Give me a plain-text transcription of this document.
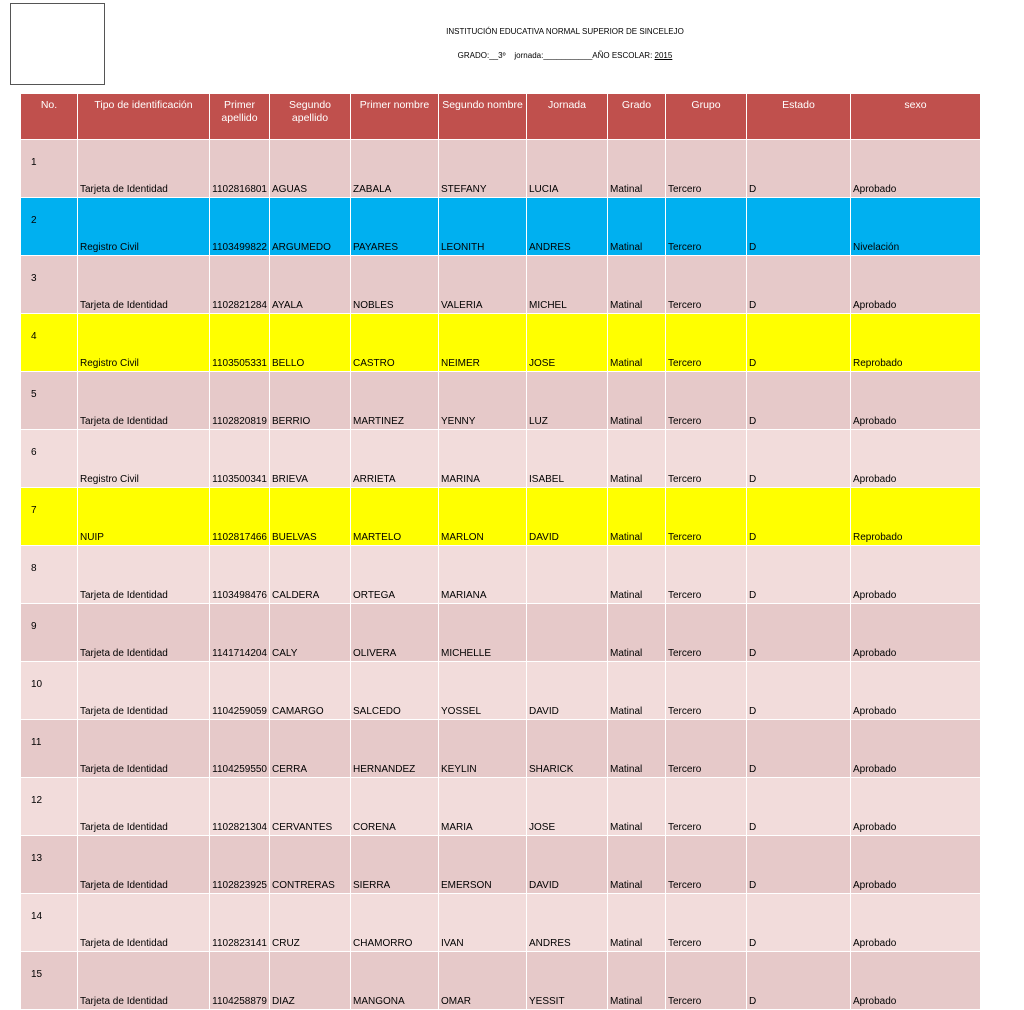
INSTITUCIÓN EDUCATIVA NORMAL SUPERIOR DE SINCELEJO
GRADO:__3º jornada:___________AÑO ESCOLAR: 2015
No.	Tipo de identificación	Primer apellido	Segundo apellido	Primer nombre	Segundo nombre	Jornada	Grado	Grupo	Estado	sexo

1	Tarjeta de Identidad	1102816801	AGUAS	ZABALA	STEFANY	LUCIA	Matinal	Tercero	D	Aprobado

2	Registro Civil	1103499822	ARGUMEDO	PAYARES	LEONITH	ANDRES	Matinal	Tercero	D	Nivelación

3	Tarjeta de Identidad	1102821284	AYALA	NOBLES	VALERIA	MICHEL	Matinal	Tercero	D	Aprobado

4	Registro Civil	1103505331	BELLO	CASTRO	NEIMER	JOSE	Matinal	Tercero	D	Reprobado

5	Tarjeta de Identidad	1102820819	BERRIO	MARTINEZ	YENNY	LUZ	Matinal	Tercero	D	Aprobado

6	Registro Civil	1103500341	BRIEVA	ARRIETA	MARINA	ISABEL	Matinal	Tercero	D	Aprobado

7	NUIP	1102817466	BUELVAS	MARTELO	MARLON	DAVID	Matinal	Tercero	D	Reprobado

8	Tarjeta de Identidad	1103498476	CALDERA	ORTEGA	MARIANA		Matinal	Tercero	D	Aprobado

9	Tarjeta de Identidad	1141714204	CALY	OLIVERA	MICHELLE		Matinal	Tercero	D	Aprobado

10	Tarjeta de Identidad	1104259059	CAMARGO	SALCEDO	YOSSEL	DAVID	Matinal	Tercero	D	Aprobado

11	Tarjeta de Identidad	1104259550	CERRA	HERNANDEZ	KEYLIN	SHARICK	Matinal	Tercero	D	Aprobado

12	Tarjeta de Identidad	1102821304	CERVANTES	CORENA	MARIA	JOSE	Matinal	Tercero	D	Aprobado

13	Tarjeta de Identidad	1102823925	CONTRERAS	SIERRA	EMERSON	DAVID	Matinal	Tercero	D	Aprobado

14	Tarjeta de Identidad	1102823141	CRUZ	CHAMORRO	IVAN	ANDRES	Matinal	Tercero	D	Aprobado

15	Tarjeta de Identidad	1104258879	DIAZ	MANGONA	OMAR	YESSIT	Matinal	Tercero	D	Aprobado
